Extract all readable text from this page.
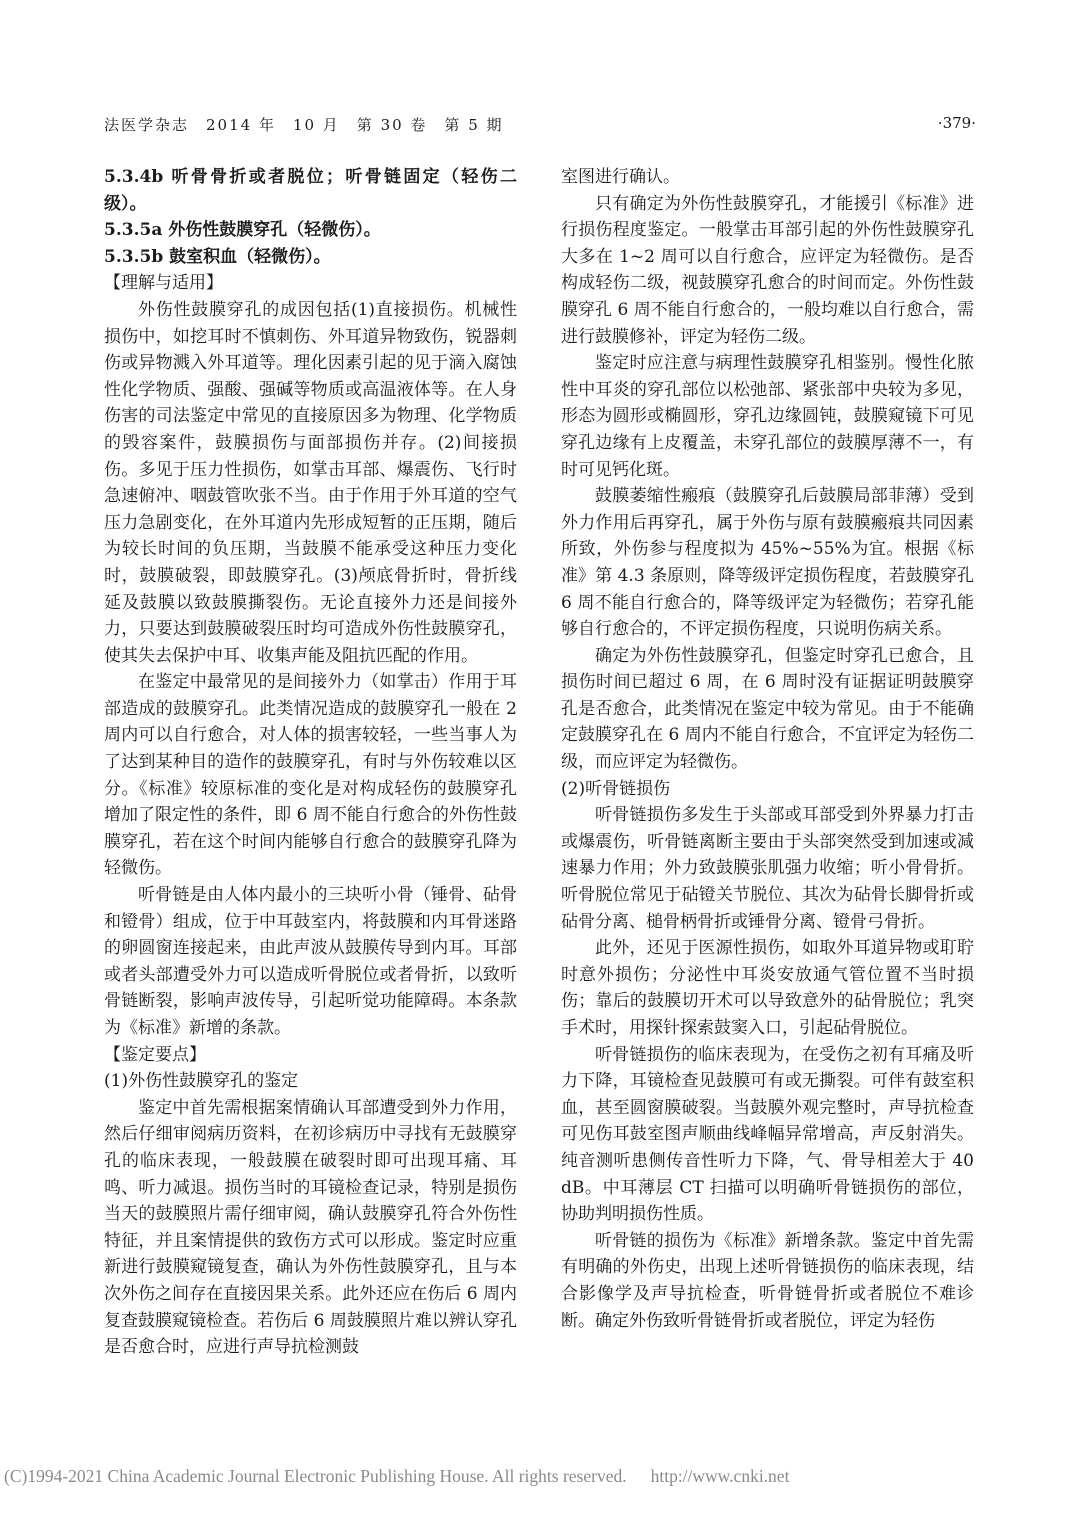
法医学杂志　2014 年　10 月　第 30 卷　第 5 期	·379·

5.3.4b 听骨骨折或者脱位；听骨链固定（轻伤二级）。

5.3.5a 外伤性鼓膜穿孔（轻微伤）。

5.3.5b 鼓室积血（轻微伤）。

【理解与适用】

外伤性鼓膜穿孔的成因包括(1)直接损伤。机械性损伤中，如挖耳时不慎刺伤、外耳道异物致伤，锐器刺伤或异物溅入外耳道等。理化因素引起的见于滴入腐蚀性化学物质、强酸、强碱等物质或高温液体等。在人身伤害的司法鉴定中常见的直接原因多为物理、化学物质的毁容案件，鼓膜损伤与面部损伤并存。(2)间接损伤。多见于压力性损伤，如掌击耳部、爆震伤、飞行时急速俯冲、咽鼓管吹张不当。由于作用于外耳道的空气压力急剧变化，在外耳道内先形成短暂的正压期，随后为较长时间的负压期，当鼓膜不能承受这种压力变化时，鼓膜破裂，即鼓膜穿孔。(3)颅底骨折时，骨折线延及鼓膜以致鼓膜撕裂伤。无论直接外力还是间接外力，只要达到鼓膜破裂压时均可造成外伤性鼓膜穿孔，使其失去保护中耳、收集声能及阻抗匹配的作用。

在鉴定中最常见的是间接外力（如掌击）作用于耳部造成的鼓膜穿孔。此类情况造成的鼓膜穿孔一般在 2 周内可以自行愈合，对人体的损害较轻，一些当事人为了达到某种目的造作的鼓膜穿孔，有时与外伤较难以区分。《标准》较原标准的变化是对构成轻伤的鼓膜穿孔增加了限定性的条件，即 6 周不能自行愈合的外伤性鼓膜穿孔，若在这个时间内能够自行愈合的鼓膜穿孔降为轻微伤。

听骨链是由人体内最小的三块听小骨（锤骨、砧骨和镫骨）组成，位于中耳鼓室内，将鼓膜和内耳骨迷路的卵圆窗连接起来，由此声波从鼓膜传导到内耳。耳部或者头部遭受外力可以造成听骨脱位或者骨折，以致听骨链断裂，影响声波传导，引起听觉功能障碍。本条款为《标准》新增的条款。

【鉴定要点】

(1)外伤性鼓膜穿孔的鉴定

鉴定中首先需根据案情确认耳部遭受到外力作用，然后仔细审阅病历资料，在初诊病历中寻找有无鼓膜穿孔的临床表现，一般鼓膜在破裂时即可出现耳痛、耳鸣、听力减退。损伤当时的耳镜检查记录，特别是损伤当天的鼓膜照片需仔细审阅，确认鼓膜穿孔符合外伤性特征，并且案情提供的致伤方式可以形成。鉴定时应重新进行鼓膜窥镜复查，确认为外伤性鼓膜穿孔，且与本次外伤之间存在直接因果关系。此外还应在伤后 6 周内复查鼓膜窥镜检查。若伤后 6 周鼓膜照片难以辨认穿孔是否愈合时，应进行声导抗检测鼓

室图进行确认。

只有确定为外伤性鼓膜穿孔，才能援引《标准》进行损伤程度鉴定。一般掌击耳部引起的外伤性鼓膜穿孔大多在 1~2 周可以自行愈合，应评定为轻微伤。是否构成轻伤二级，视鼓膜穿孔愈合的时间而定。外伤性鼓膜穿孔 6 周不能自行愈合的，一般均难以自行愈合，需进行鼓膜修补，评定为轻伤二级。

鉴定时应注意与病理性鼓膜穿孔相鉴别。慢性化脓性中耳炎的穿孔部位以松弛部、紧张部中央较为多见，形态为圆形或椭圆形，穿孔边缘圆钝，鼓膜窥镜下可见穿孔边缘有上皮覆盖，未穿孔部位的鼓膜厚薄不一，有时可见钙化斑。

鼓膜萎缩性瘢痕（鼓膜穿孔后鼓膜局部菲薄）受到外力作用后再穿孔，属于外伤与原有鼓膜瘢痕共同因素所致，外伤参与程度拟为 45%~55%为宜。根据《标准》第 4.3 条原则，降等级评定损伤程度，若鼓膜穿孔 6 周不能自行愈合的，降等级评定为轻微伤；若穿孔能够自行愈合的，不评定损伤程度，只说明伤病关系。

确定为外伤性鼓膜穿孔，但鉴定时穿孔已愈合，且损伤时间已超过 6 周，在 6 周时没有证据证明鼓膜穿孔是否愈合，此类情况在鉴定中较为常见。由于不能确定鼓膜穿孔在 6 周内不能自行愈合，不宜评定为轻伤二级，而应评定为轻微伤。

(2)听骨链损伤

听骨链损伤多发生于头部或耳部受到外界暴力打击或爆震伤，听骨链离断主要由于头部突然受到加速或减速暴力作用；外力致鼓膜张肌强力收缩；听小骨骨折。听骨脱位常见于砧镫关节脱位、其次为砧骨长脚骨折或砧骨分离、槌骨柄骨折或锤骨分离、镫骨弓骨折。

此外，还见于医源性损伤，如取外耳道异物或耵聍时意外损伤；分泌性中耳炎安放通气管位置不当时损伤；靠后的鼓膜切开术可以导致意外的砧骨脱位；乳突手术时，用探针探索鼓窦入口，引起砧骨脱位。

听骨链损伤的临床表现为，在受伤之初有耳痛及听力下降，耳镜检查见鼓膜可有或无撕裂。可伴有鼓室积血，甚至圆窗膜破裂。当鼓膜外观完整时，声导抗检查可见伤耳鼓室图声顺曲线峰幅异常增高，声反射消失。纯音测听患侧传音性听力下降，气、骨导相差大于 40 dB。中耳薄层 CT 扫描可以明确听骨链损伤的部位，协助判明损伤性质。

听骨链的损伤为《标准》新增条款。鉴定中首先需有明确的外伤史，出现上述听骨链损伤的临床表现，结合影像学及声导抗检查，听骨链骨折或者脱位不难诊断。确定外伤致听骨链骨折或者脱位，评定为轻伤

(C)1994-2021 China Academic Journal Electronic Publishing House. All rights reserved. http://www.cnki.net
